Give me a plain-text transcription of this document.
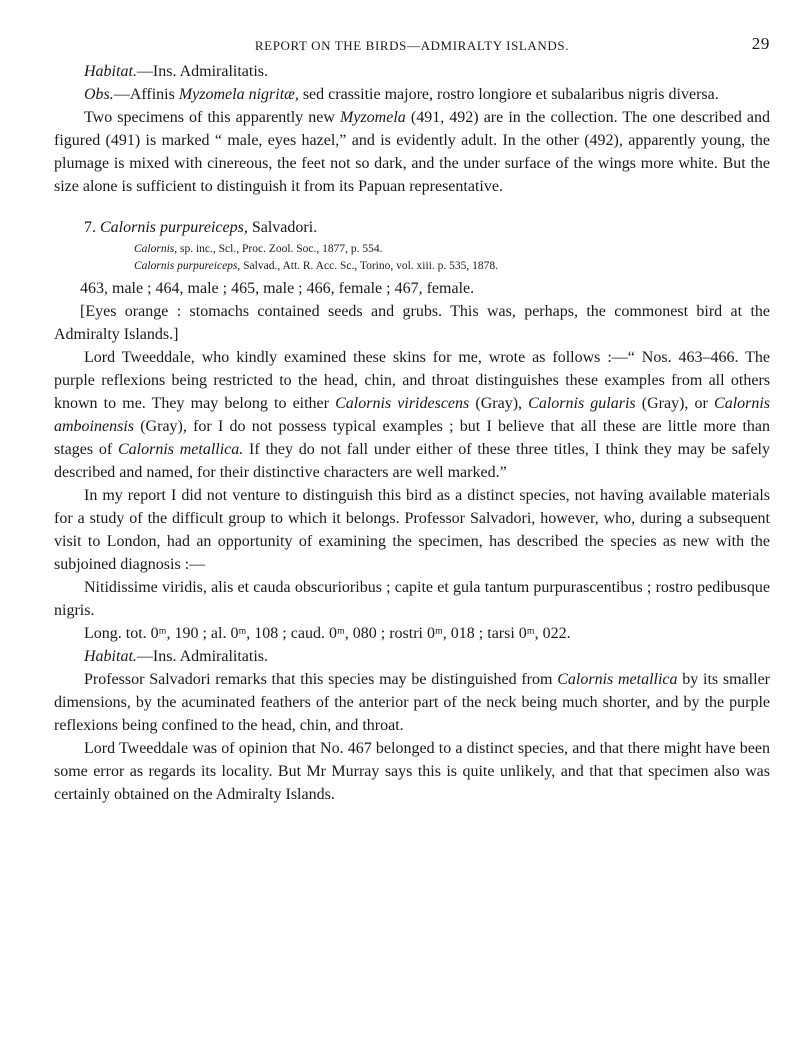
REPORT ON THE BIRDS—ADMIRALTY ISLANDS.	29

Habitat.—Ins. Admiralitatis.

Obs.—Affinis Myzomela nigritæ, sed crassitie majore, rostro longiore et subalaribus nigris diversa.

Two specimens of this apparently new Myzomela (491, 492) are in the collection. The one described and figured (491) is marked “ male, eyes hazel,” and is evidently adult. In the other (492), apparently young, the plumage is mixed with cinereous, the feet not so dark, and the under surface of the wings more white. But the size alone is sufficient to distinguish it from its Papuan representative.

7. Calornis purpureiceps, Salvadori.

Calornis, sp. inc., Scl., Proc. Zool. Soc., 1877, p. 554.

Calornis purpureiceps, Salvad., Att. R. Acc. Sc., Torino, vol. xiii. p. 535, 1878.

463, male ; 464, male ; 465, male ; 466, female ; 467, female.

[Eyes orange : stomachs contained seeds and grubs. This was, perhaps, the commonest bird at the Admiralty Islands.]

Lord Tweeddale, who kindly examined these skins for me, wrote as follows :—“ Nos. 463–466. The purple reflexions being restricted to the head, chin, and throat distinguishes these examples from all others known to me. They may belong to either Calornis viridescens (Gray), Calornis gularis (Gray), or Calornis amboinensis (Gray), for I do not possess typical examples ; but I believe that all these are little more than stages of Calornis metallica. If they do not fall under either of these three titles, I think they may be safely described and named, for their distinctive characters are well marked.”

In my report I did not venture to distinguish this bird as a distinct species, not having available materials for a study of the difficult group to which it belongs. Professor Salvadori, however, who, during a subsequent visit to London, had an opportunity of examining the specimen, has described the species as new with the subjoined diagnosis :—

Nitidissime viridis, alis et cauda obscurioribus ; capite et gula tantum purpurascentibus ; rostro pedibusque nigris.

Long. tot. 0ᵐ, 190 ; al. 0ᵐ, 108 ; caud. 0ᵐ, 080 ; rostri 0ᵐ, 018 ; tarsi 0ᵐ, 022.

Habitat.—Ins. Admiralitatis.

Professor Salvadori remarks that this species may be distinguished from Calornis metallica by its smaller dimensions, by the acuminated feathers of the anterior part of the neck being much shorter, and by the purple reflexions being confined to the head, chin, and throat.

Lord Tweeddale was of opinion that No. 467 belonged to a distinct species, and that there might have been some error as regards its locality. But Mr Murray says this is quite unlikely, and that that specimen also was certainly obtained on the Admiralty Islands.
